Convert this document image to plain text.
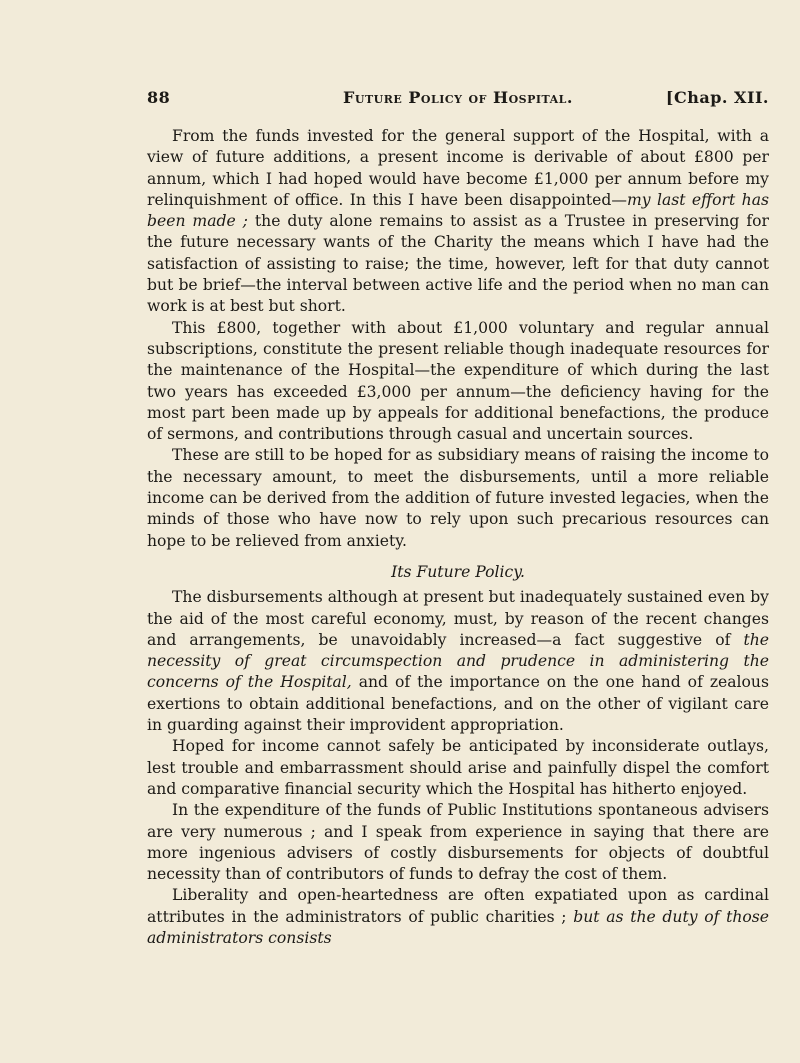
88	Future Policy of Hospital.	[Chap. XII.

From the funds invested for the general support of the Hospital, with a view of future additions, a present income is derivable of about £800 per annum, which I had hoped would have become £1,000 per annum before my relinquishment of office. In this I have been disappointed—my last effort has been made ; the duty alone remains to assist as a Trustee in preserving for the future necessary wants of the Charity the means which I have had the satisfaction of assisting to raise; the time, however, left for that duty cannot but be brief—the interval between active life and the period when no man can work is at best but short.

This £800, together with about £1,000 voluntary and regular annual subscriptions, constitute the present reliable though inadequate resources for the maintenance of the Hospital—the expenditure of which during the last two years has exceeded £3,000 per annum—the deficiency having for the most part been made up by appeals for additional benefactions, the produce of sermons, and contributions through casual and uncertain sources.

These are still to be hoped for as subsidiary means of raising the income to the necessary amount, to meet the disbursements, until a more reliable income can be derived from the addition of future invested legacies, when the minds of those who have now to rely upon such precarious resources can hope to be relieved from anxiety.

Its Future Policy.

The disbursements although at present but inadequately sustained even by the aid of the most careful economy, must, by reason of the recent changes and arrangements, be unavoidably increased—a fact suggestive of the necessity of great circumspection and prudence in administering the concerns of the Hospital, and of the importance on the one hand of zealous exertions to obtain additional benefactions, and on the other of vigilant care in guarding against their improvident appropriation.

Hoped for income cannot safely be anticipated by inconsiderate outlays, lest trouble and embarrassment should arise and painfully dispel the comfort and comparative financial security which the Hospital has hitherto enjoyed.

In the expenditure of the funds of Public Institutions spontaneous advisers are very numerous ; and I speak from experience in saying that there are more ingenious advisers of costly disbursements for objects of doubtful necessity than of contributors of funds to defray the cost of them.

Liberality and open-heartedness are often expatiated upon as cardinal attributes in the administrators of public charities ; but as the duty of those administrators consists
